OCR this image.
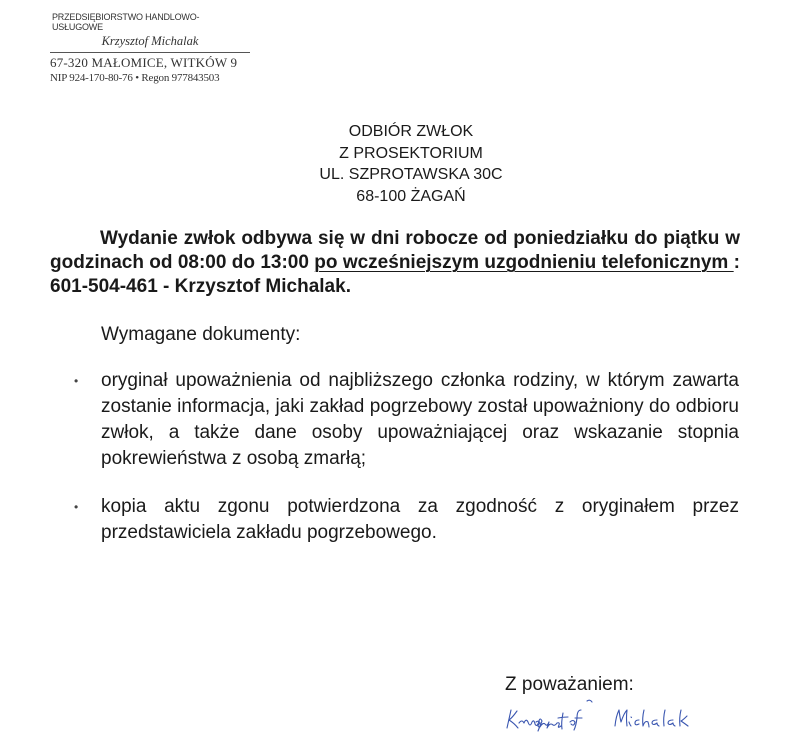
PRZEDSIĘBIORSTWO HANDLOWO-USŁUGOWE
Krzysztof Michalak
67-320 MAŁOMICE, WITKÓW 9
NIP 924-170-80-76 • Regon 977843503
ODBIÓR ZWŁOK
Z PROSEKTORIUM
UL. SZPROTAWSKA 30C
68-100 ŻAGAŃ
Wydanie zwłok odbywa się w dni robocze od poniedziałku do piątku w godzinach od 08:00 do 13:00 po wcześniejszym uzgodnieniu telefonicznym : 601-504-461 - Krzysztof Michalak.
Wymagane dokumenty:
• oryginał upoważnienia od najbliższego członka rodziny, w którym zawarta zostanie informacja, jaki zakład pogrzebowy został upoważniony do odbioru zwłok, a także dane osoby upoważniającej oraz wskazanie stopnia pokrewieństwa z osobą zmarłą;
• kopia aktu zgonu potwierdzona za zgodność z oryginałem przez przedstawiciela zakładu pogrzebowego.
Z poważaniem:
